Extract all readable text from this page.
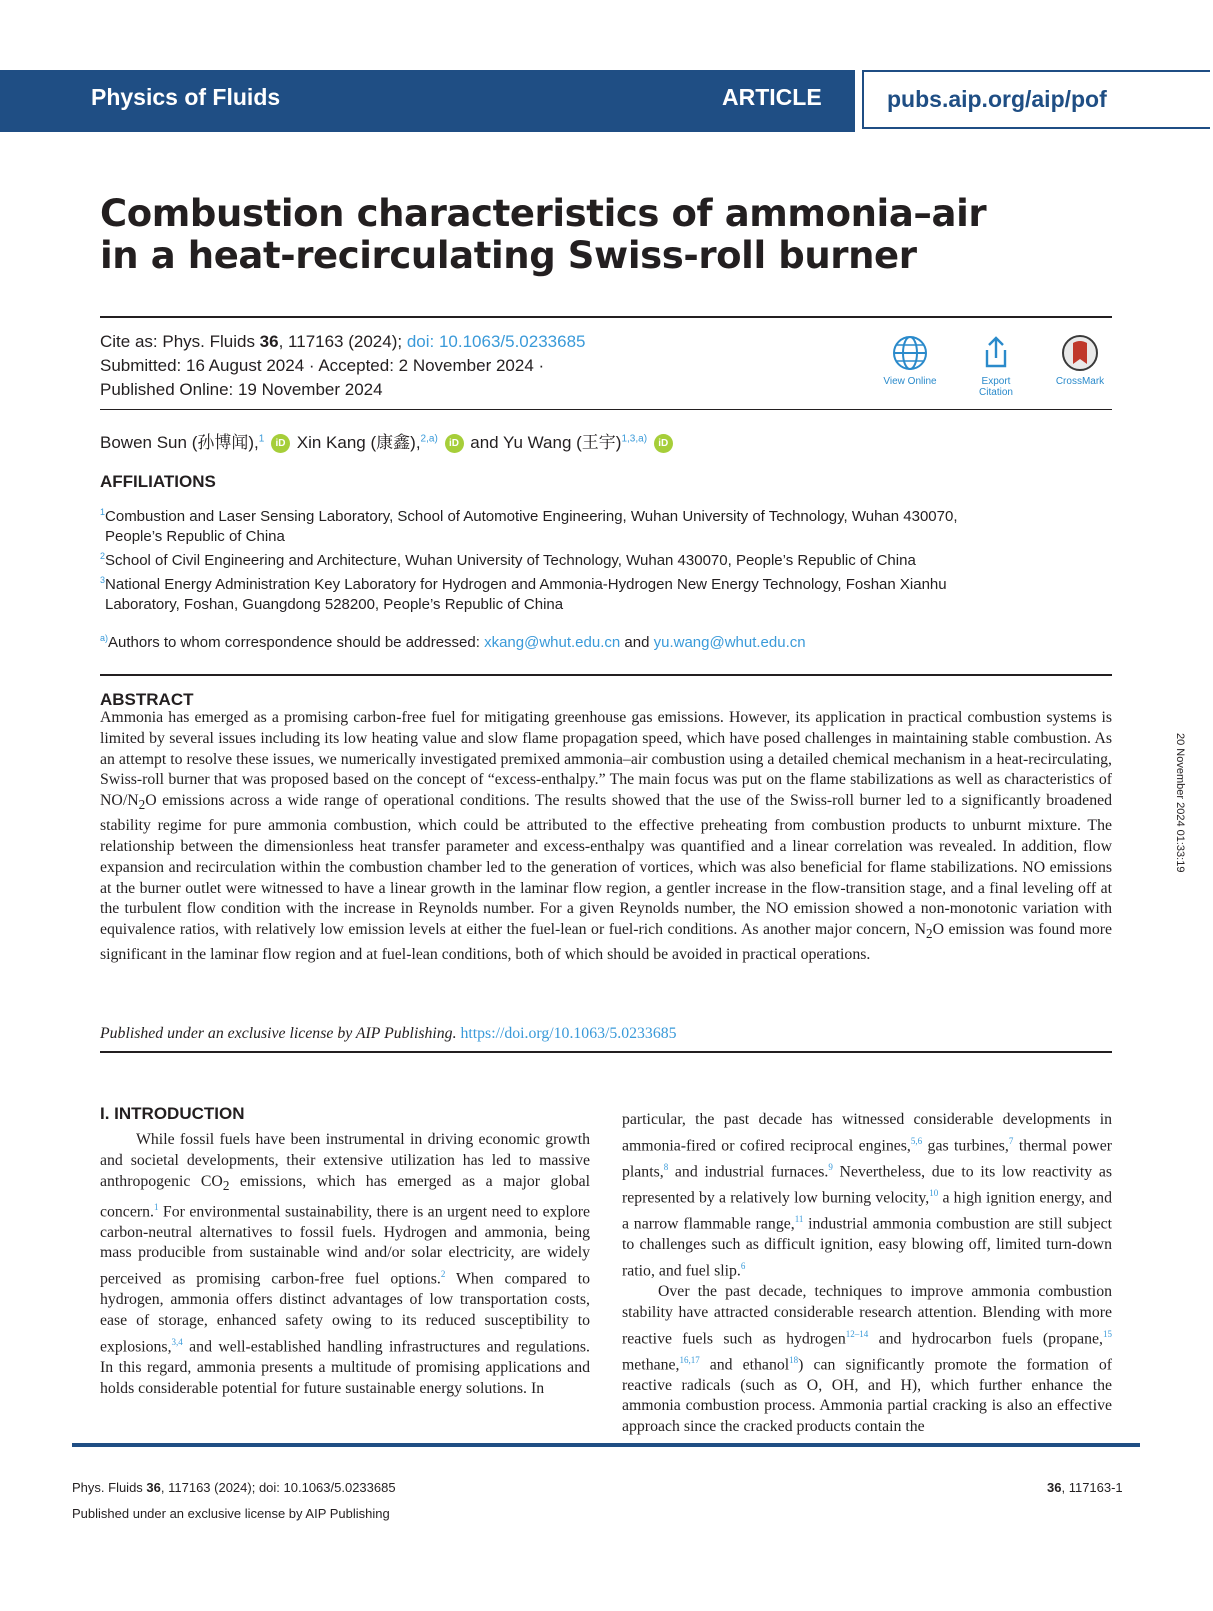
Physics of Fluids	ARTICLE	pubs.aip.org/aip/pof
Combustion characteristics of ammonia–air
in a heat-recirculating Swiss-roll burner
Cite as: Phys. Fluids 36, 117163 (2024); doi: 10.1063/5.0233685
Submitted: 16 August 2024 · Accepted: 2 November 2024 ·
Published Online: 19 November 2024	View Online	Export Citation
CrossMark
Bowen Sun (孙博闻),$^1$ iD Xin Kang (康鑫),$^{2,a)}$ iD and Yu Wang (王宇)$^{1,3,a)}$ iD
AFFILIATIONS
$^1$Combustion and Laser Sensing Laboratory, School of Automotive Engineering, Wuhan University of Technology, Wuhan 430070,
People’s Republic of China
$^2$School of Civil Engineering and Architecture, Wuhan University of Technology, Wuhan 430070, People’s Republic of China
$^3$National Energy Administration Key Laboratory for Hydrogen and Ammonia-Hydrogen New Energy Technology, Foshan Xianhu
Laboratory, Foshan, Guangdong 528200, People’s Republic of China
$^{a)}$Authors to whom correspondence should be addressed: xkang@whut.edu.cn and yu.wang@whut.edu.cn
ABSTRACT
Ammonia has emerged as a promising carbon-free fuel for mitigating greenhouse gas emissions. However, its application in practical combustion systems is limited by several issues including its low heating value and slow flame propagation speed, which have posed challenges in maintaining stable combustion. As an attempt to resolve these issues, we numerically investigated premixed ammonia–air combustion using a detailed chemical mechanism in a heat-recirculating, Swiss-roll burner that was proposed based on the concept of “excess-enthalpy.” The main focus was put on the flame stabilizations as well as characteristics of $NO/N_2O$ emissions across a wide range of operational conditions. The results showed that the use of the Swiss-roll burner led to a significantly broadened stability regime for pure ammonia combustion, which could be attributed to the effective preheating from combustion products to unburnt mixture. The relationship between the dimensionless heat transfer parameter and excess-enthalpy was quantified and a linear correlation was revealed. In addition, flow expansion and recirculation within the combustion chamber led to the generation of vortices, which was also beneficial for flame stabilizations. NO emissions at the burner outlet were witnessed to have a linear growth in the laminar flow region, a gentler increase in the flow-transition stage, and a final leveling off at the turbulent flow condition with the increase in Reynolds number. For a given Reynolds number, the NO emission showed a non-monotonic variation with equivalence ratios, with relatively low emission levels at either the fuel-lean or fuel-rich conditions. As another major concern, $N_2O$ emission was found more significant in the laminar flow region and at fuel-lean conditions, both of which should be avoided in practical operations.
Published under an exclusive license by AIP Publishing. https://doi.org/10.1063/5.0233685
I. INTRODUCTION
While fossil fuels have been instrumental in driving economic growth and societal developments, their extensive utilization has led to massive anthropogenic $CO_2$ emissions, which has emerged as a major global concern.$^1$ For environmental sustainability, there is an urgent need to explore carbon-neutral alternatives to fossil fuels. Hydrogen and ammonia, being mass producible from sustainable wind and/or solar electricity, are widely perceived as promising carbon-free fuel options.$^2$ When compared to hydrogen, ammonia offers distinct advantages of low transportation costs, ease of storage, enhanced safety owing to its reduced susceptibility to explosions,$^{3,4}$ and well-established handling infrastructures and regulations. In this regard, ammonia presents a multitude of promising applications and holds considerable potential for future sustainable energy solutions. In
particular, the past decade has witnessed considerable developments in ammonia-fired or cofired reciprocal engines,$^{5,6}$ gas turbines,$^7$ thermal power plants,$^8$ and industrial furnaces.$^9$ Nevertheless, due to its low reactivity as represented by a relatively low burning velocity,$^{10}$ a high ignition energy, and a narrow flammable range,$^{11}$ industrial ammonia combustion are still subject to challenges such as difficult ignition, easy blowing off, limited turn-down ratio, and fuel slip.$^6$
Over the past decade, techniques to improve ammonia combustion stability have attracted considerable research attention. Blending with more reactive fuels such as hydrogen$^{12-14}$ and hydrocarbon fuels (propane,$^{15}$ methane,$^{16,17}$ and ethanol$^{18}$) can significantly promote the formation of reactive radicals (such as O, OH, and H), which further enhance the ammonia combustion process. Ammonia partial cracking is also an effective approach since the cracked products contain the
20 November 2024 01:33:19
Phys. Fluids 36, 117163 (2024); doi: 10.1063/5.0233685
Published under an exclusive license by AIP Publishing
36, 117163-1
